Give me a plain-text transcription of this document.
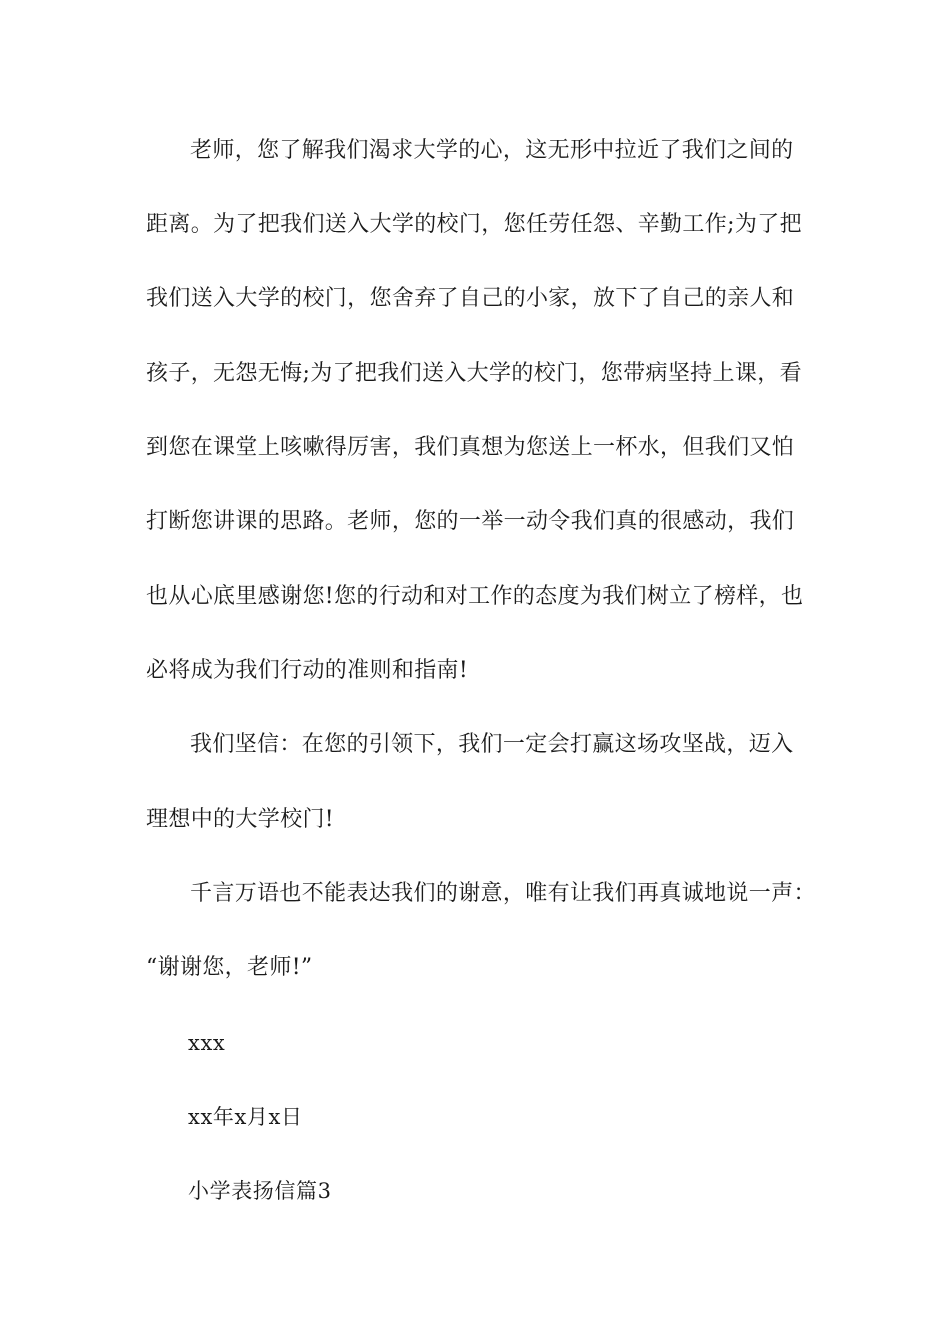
老师，您了解我们渴求大学的心，这无形中拉近了我们之间的
距离。为了把我们送入大学的校门，您任劳任怨、辛勤工作;为了把
我们送入大学的校门，您舍弃了自己的小家，放下了自己的亲人和
孩子，无怨无悔;为了把我们送入大学的校门，您带病坚持上课，看
到您在课堂上咳嗽得厉害，我们真想为您送上一杯水，但我们又怕
打断您讲课的思路。老师，您的一举一动令我们真的很感动，我们
也从心底里感谢您!您的行动和对工作的态度为我们树立了榜样，也
必将成为我们行动的准则和指南!
我们坚信：在您的引领下，我们一定会打赢这场攻坚战，迈入
理想中的大学校门!
千言万语也不能表达我们的谢意，唯有让我们再真诚地说一声：
“谢谢您，老师!”
xxx
xx年x月x日
小学表扬信篇3
